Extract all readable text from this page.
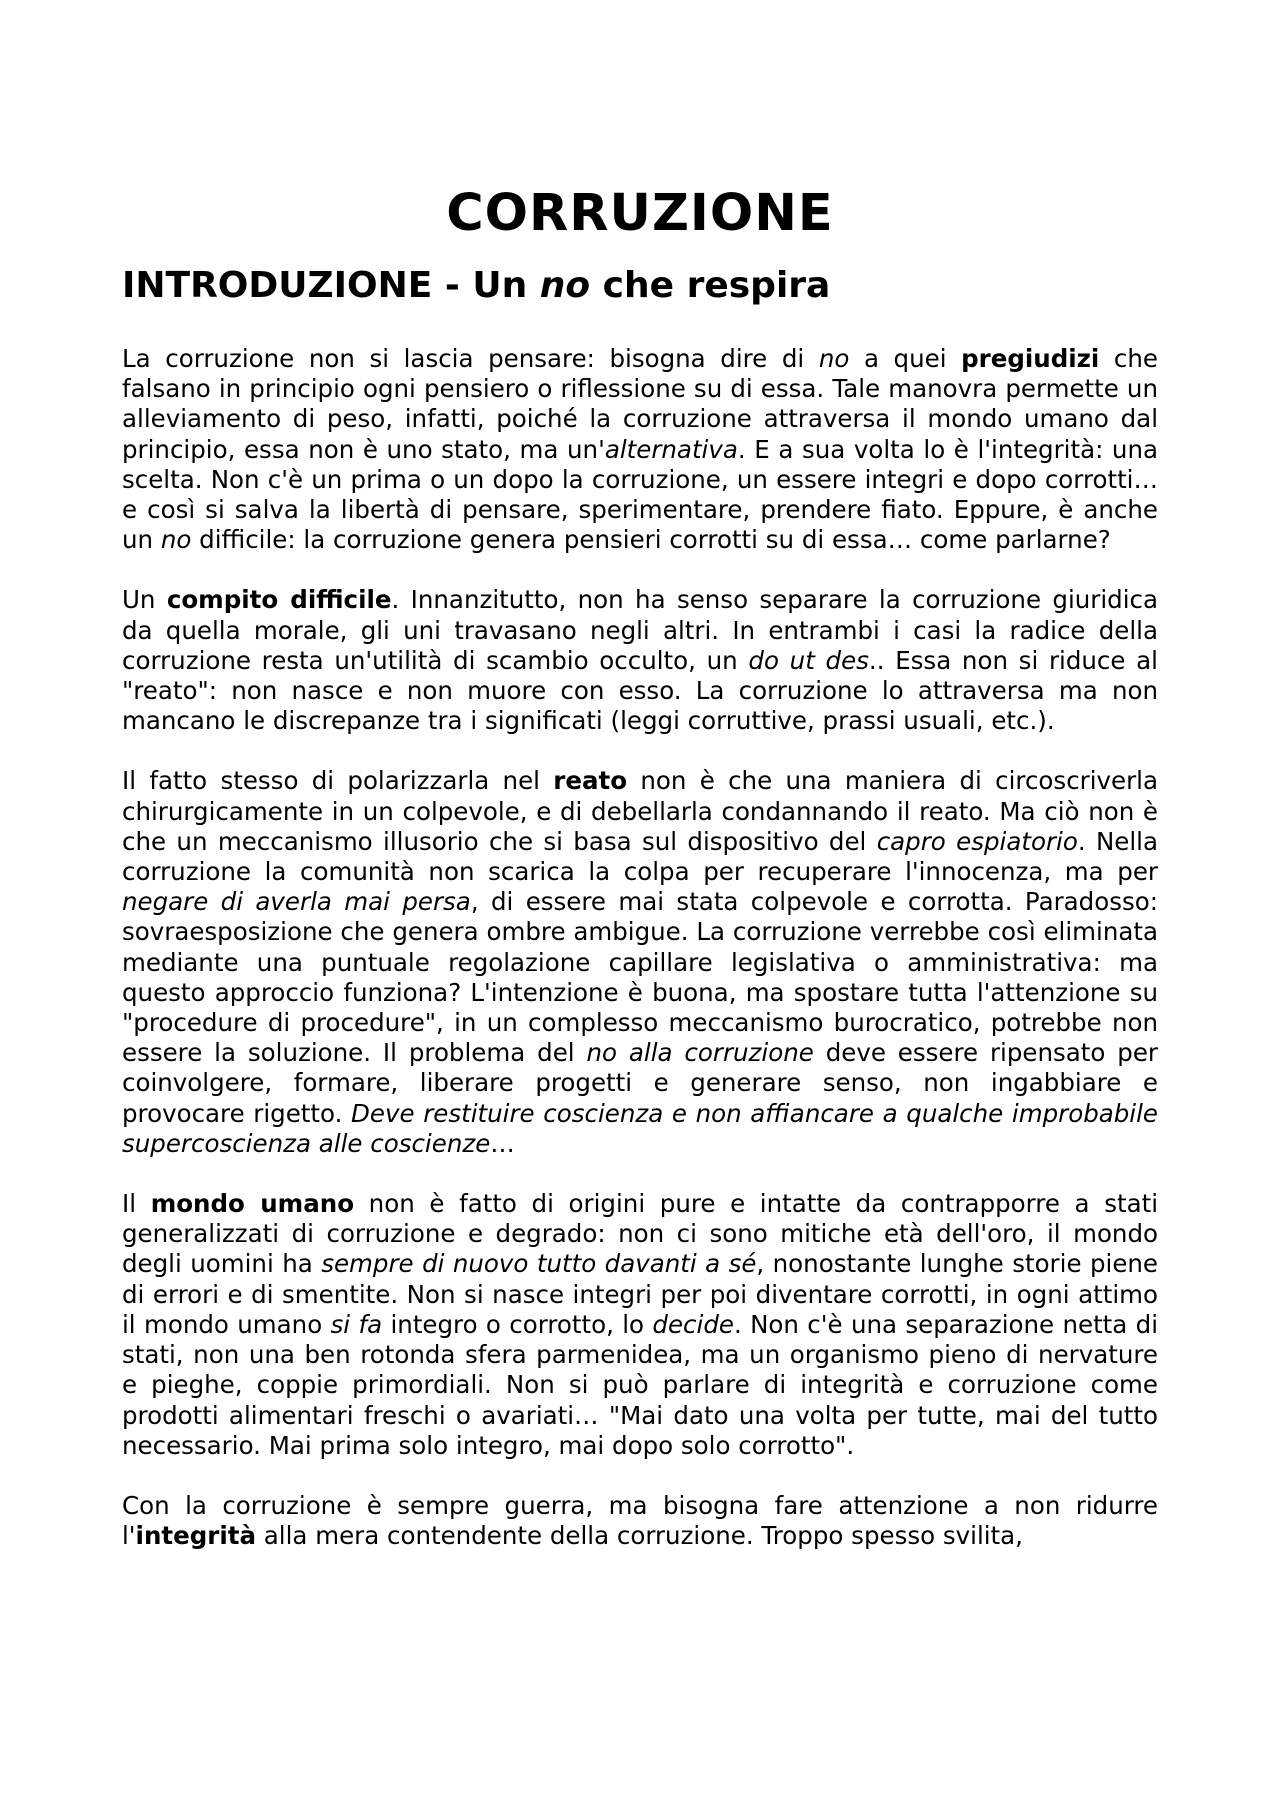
CORRUZIONE
INTRODUZIONE - Un no che respira

La corruzione non si lascia pensare: bisogna dire di no a quei pregiudizi che falsano in principio ogni pensiero o riflessione su di essa. Tale manovra permette un alleviamento di peso, infatti, poiché la corruzione attraversa il mondo umano dal principio, essa non è uno stato, ma un'alternativa. E a sua volta lo è l'integrità: una scelta. Non c'è un prima o un dopo la corruzione, un essere integri e dopo corrotti… e così si salva la libertà di pensare, sperimentare, prendere fiato. Eppure, è anche un no difficile: la corruzione genera pensieri corrotti su di essa… come parlarne?

Un compito difficile. Innanzitutto, non ha senso separare la corruzione giuridica da quella morale, gli uni travasano negli altri. In entrambi i casi la radice della corruzione resta un'utilità di scambio occulto, un do ut des.. Essa non si riduce al "reato": non nasce e non muore con esso. La corruzione lo attraversa ma non mancano le discrepanze tra i significati (leggi corruttive, prassi usuali, etc.).

Il fatto stesso di polarizzarla nel reato non è che una maniera di circoscriverla chirurgicamente in un colpevole, e di debellarla condannando il reato. Ma ciò non è che un meccanismo illusorio che si basa sul dispositivo del capro espiatorio. Nella corruzione la comunità non scarica la colpa per recuperare l'innocenza, ma per negare di averla mai persa, di essere mai stata colpevole e corrotta. Paradosso: sovraesposizione che genera ombre ambigue. La corruzione verrebbe così eliminata mediante una puntuale regolazione capillare legislativa o amministrativa: ma questo approccio funziona? L'intenzione è buona, ma spostare tutta l'attenzione su "procedure di procedure", in un complesso meccanismo burocratico, potrebbe non essere la soluzione. Il problema del no alla corruzione deve essere ripensato per coinvolgere, formare, liberare progetti e generare senso, non ingabbiare e provocare rigetto. Deve restituire coscienza e non affiancare a qualche improbabile supercoscienza alle coscienze…

Il mondo umano non è fatto di origini pure e intatte da contrapporre a stati generalizzati di corruzione e degrado: non ci sono mitiche età dell'oro, il mondo degli uomini ha sempre di nuovo tutto davanti a sé, nonostante lunghe storie piene di errori e di smentite. Non si nasce integri per poi diventare corrotti, in ogni attimo il mondo umano si fa integro o corrotto, lo decide. Non c'è una separazione netta di stati, non una ben rotonda sfera parmenidea, ma un organismo pieno di nervature e pieghe, coppie primordiali. Non si può parlare di integrità e corruzione come prodotti alimentari freschi o avariati… "Mai dato una volta per tutte, mai del tutto necessario. Mai prima solo integro, mai dopo solo corrotto".

Con la corruzione è sempre guerra, ma bisogna fare attenzione a non ridurre l'integrità alla mera contendente della corruzione. Troppo spesso svilita,
